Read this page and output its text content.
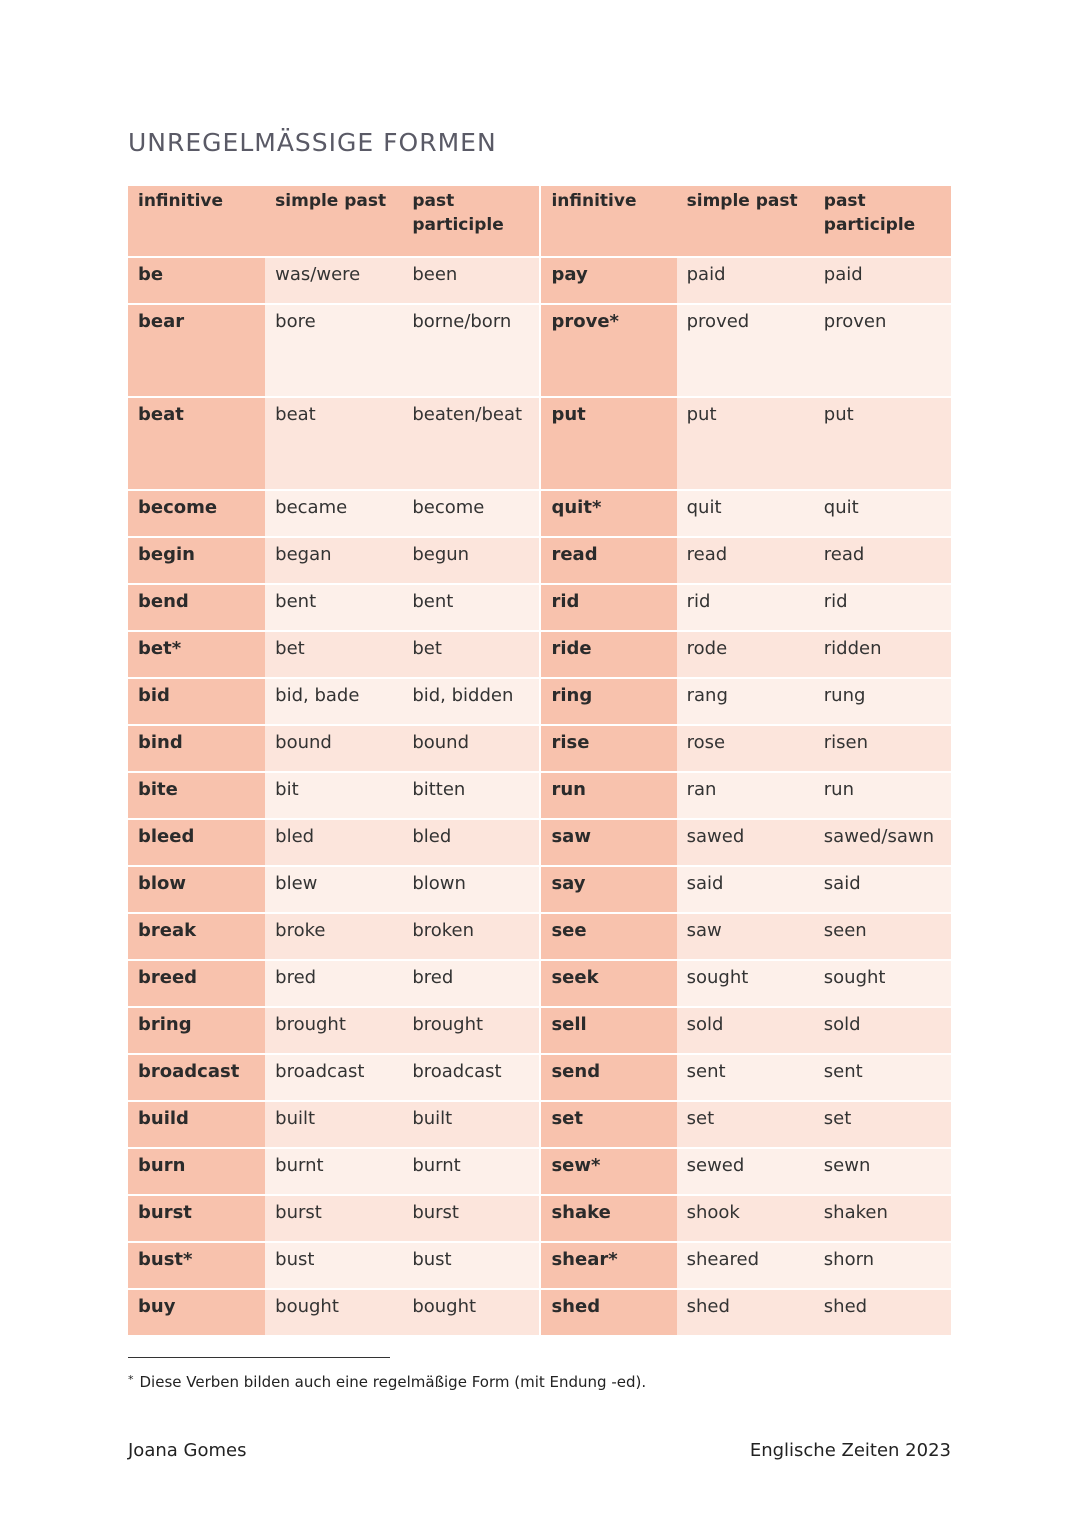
UNREGELMÄSSIGE FORMEN
infinitive	simple past	past participle	infinitive	simple past	past participle
be	was/were	been	pay	paid	paid
bear	bore	borne/born	prove*	proved	proven
beat	beat	beaten/beat	put	put	put
become	became	become	quit*	quit	quit
begin	began	begun	read	read	read
bend	bent	bent	rid	rid	rid
bet*	bet	bet	ride	rode	ridden
bid	bid, bade	bid, bidden	ring	rang	rung
bind	bound	bound	rise	rose	risen
bite	bit	bitten	run	ran	run
bleed	bled	bled	saw	sawed	sawed/sawn
blow	blew	blown	say	said	said
break	broke	broken	see	saw	seen
breed	bred	bred	seek	sought	sought
bring	brought	brought	sell	sold	sold
broadcast	broadcast	broadcast	send	sent	sent
build	built	built	set	set	set
burn	burnt	burnt	sew*	sewed	sewn
burst	burst	burst	shake	shook	shaken
bust*	bust	bust	shear*	sheared	shorn
buy	bought	bought	shed	shed	shed
* Diese Verben bilden auch eine regelmäßige Form (mit Endung -ed).
Joana Gomes	Englische Zeiten 2023
